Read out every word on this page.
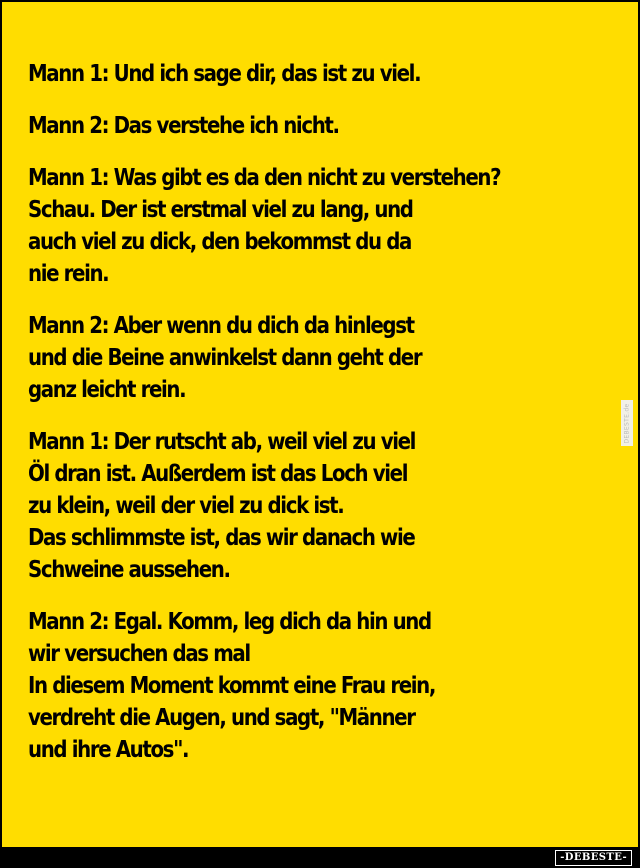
Mann 1: Und ich sage dir, das ist zu viel.

Mann 2: Das verstehe ich nicht.

Mann 1: Was gibt es da den nicht zu verstehen?
Schau. Der ist erstmal viel zu lang, und
auch viel zu dick, den bekommst du da
nie rein.

Mann 2: Aber wenn du dich da hinlegst
und die Beine anwinkelst dann geht der
ganz leicht rein.

Mann 1: Der rutscht ab, weil viel zu viel
Öl dran ist. Außerdem ist das Loch viel
zu klein, weil der viel zu dick ist.
Das schlimmste ist, das wir danach wie
Schweine aussehen.

Mann 2: Egal. Komm, leg dich da hin und
wir versuchen das mal
In diesem Moment kommt eine Frau rein,
verdreht die Augen, und sagt, "Männer
und ihre Autos".

DEBESTE.de
-DEBESTE-
